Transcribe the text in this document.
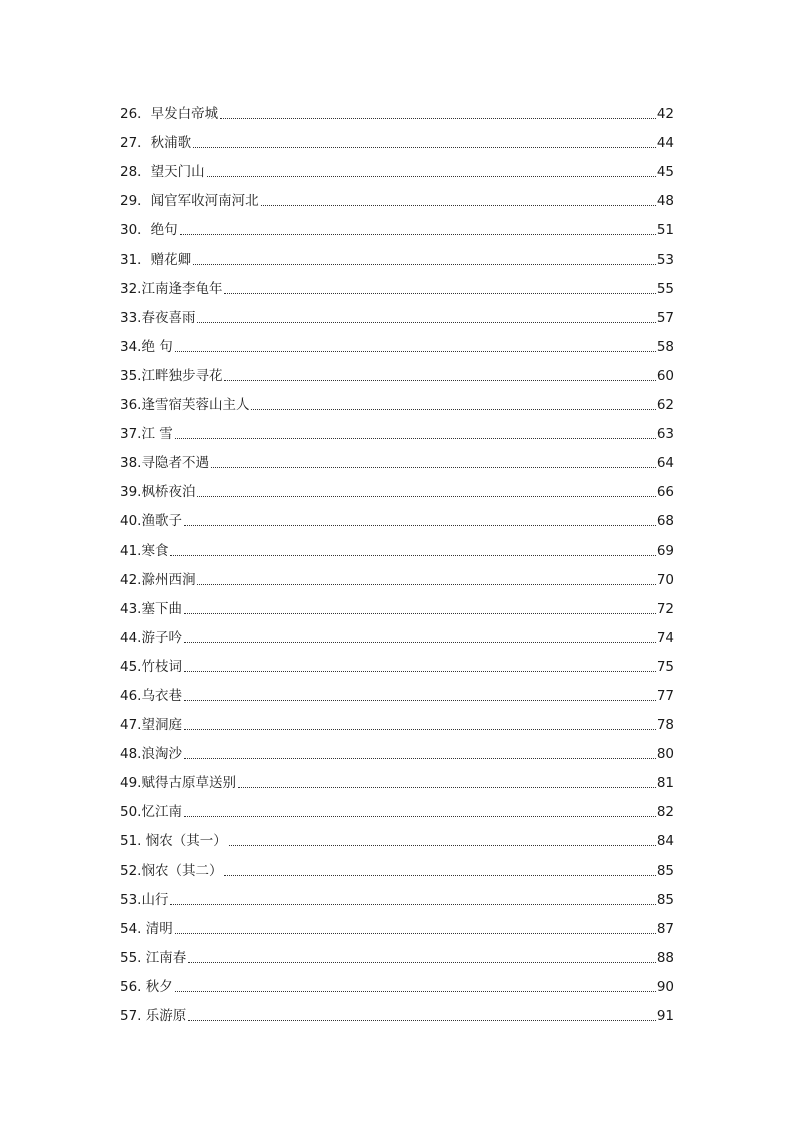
26．早发白帝城	42
27．秋浦歌	44
28．望天门山	45
29．闻官军收河南河北	48
30．绝句	51
31．赠花卿	53
32.江南逢李龟年	55
33.春夜喜雨	57
34.绝 句	58
35.江畔独步寻花	60
36.逢雪宿芙蓉山主人	62
37.江 雪	63
38.寻隐者不遇	64
39.枫桥夜泊	66
40.渔歌子	68
41.寒食	69
42.滁州西涧	70
43.塞下曲	72
44.游子吟	74
45.竹枝词	75
46.乌衣巷	77
47.望洞庭	78
48.浪淘沙	80
49.赋得古原草送别	81
50.忆江南	82
51. 悯农（其一）	84
52.悯农（其二）	85
53.山行	85
54. 清明	87
55. 江南春	88
56. 秋夕	90
57. 乐游原	91
